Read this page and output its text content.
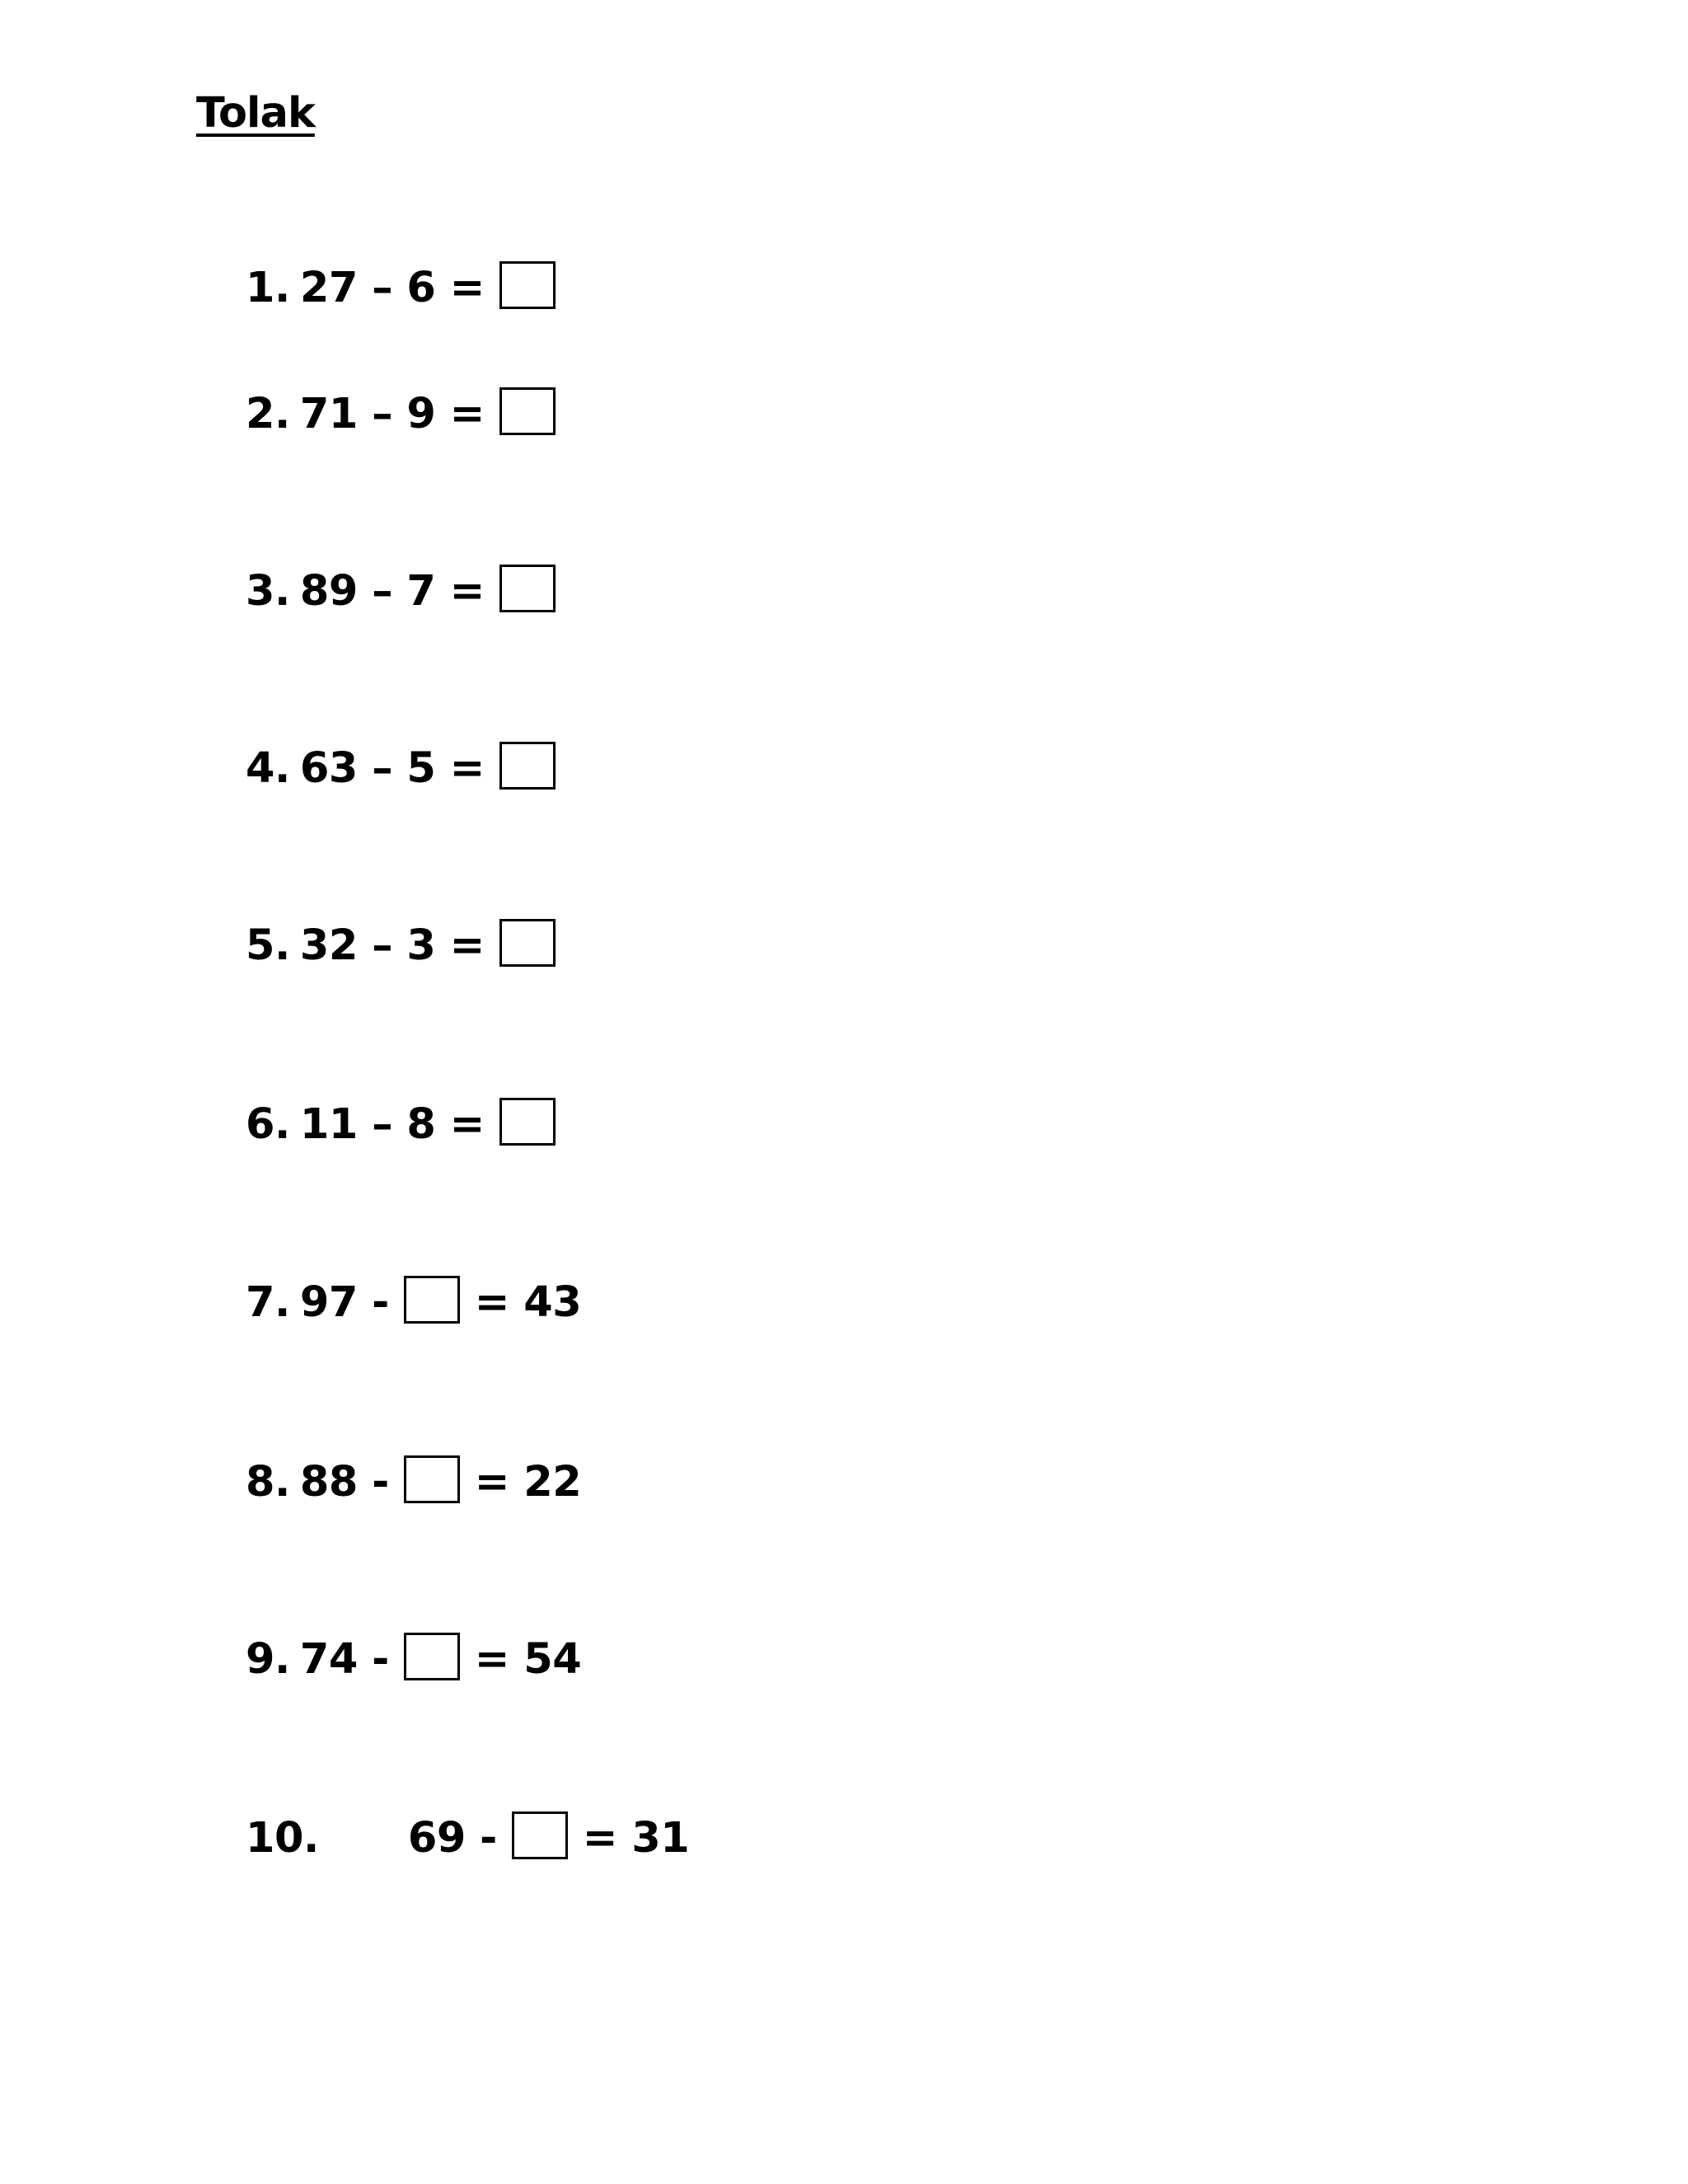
Tolak
1. 27 – 6 =
2. 71 – 9 =
3. 89 – 7 =
4. 63 – 5 =
5. 32 – 3 =
6. 11 – 8 =
7. 97 - = 43
8. 88 - = 22
9. 74 - = 54
10. 69 - = 31
